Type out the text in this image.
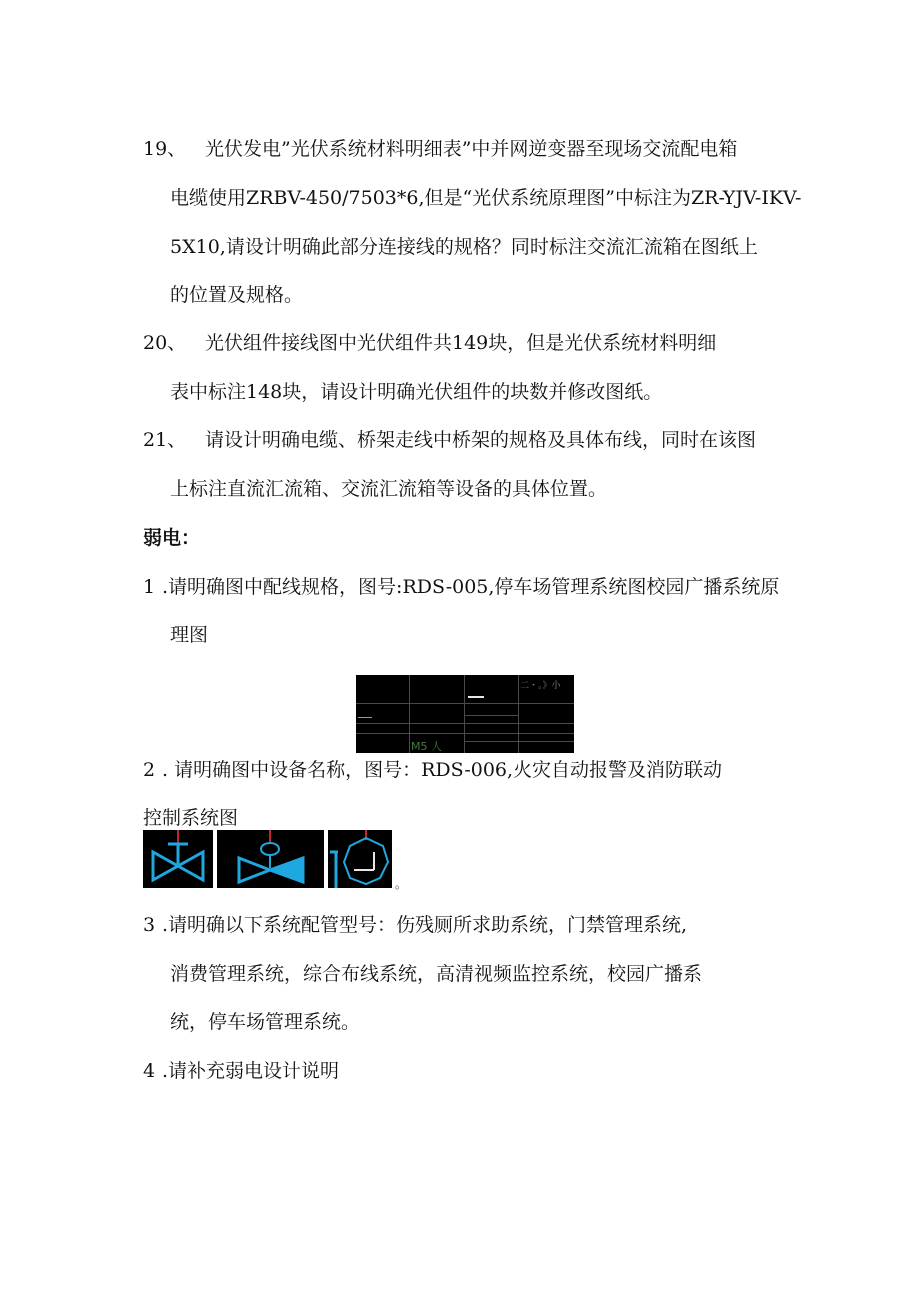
19、 光伏发电”光伏系统材料明细表”中并网逆变器至现场交流配电箱
电缆使用ZRBV-450/7503*6,但是“光伏系统原理图”中标注为ZR-YJV-IKV-
5X10,请设计明确此部分连接线的规格？同时标注交流汇流箱在图纸上
的位置及规格。
20、 光伏组件接线图中光伏组件共149块，但是光伏系统材料明细
表中标注148块，请设计明确光伏组件的块数并修改图纸。
21、 请设计明确电缆、桥架走线中桥架的规格及具体布线，同时在该图
上标注直流汇流箱、交流汇流箱等设备的具体位置。
弱电：
1 .请明确图中配线规格，图号:RDS-005,停车场管理系统图校园广播系统原
理图
二・。》小
M5 人
2 . 请明确图中设备名称，图号：RDS-006,火灾自动报警及消防联动
控制系统图
。
3 .请明确以下系统配管型号：伤残厕所求助系统，门禁管理系统,
消费管理系统，综合布线系统，高清视频监控系统，校园广播系
统，停车场管理系统。
4 .请补充弱电设计说明
